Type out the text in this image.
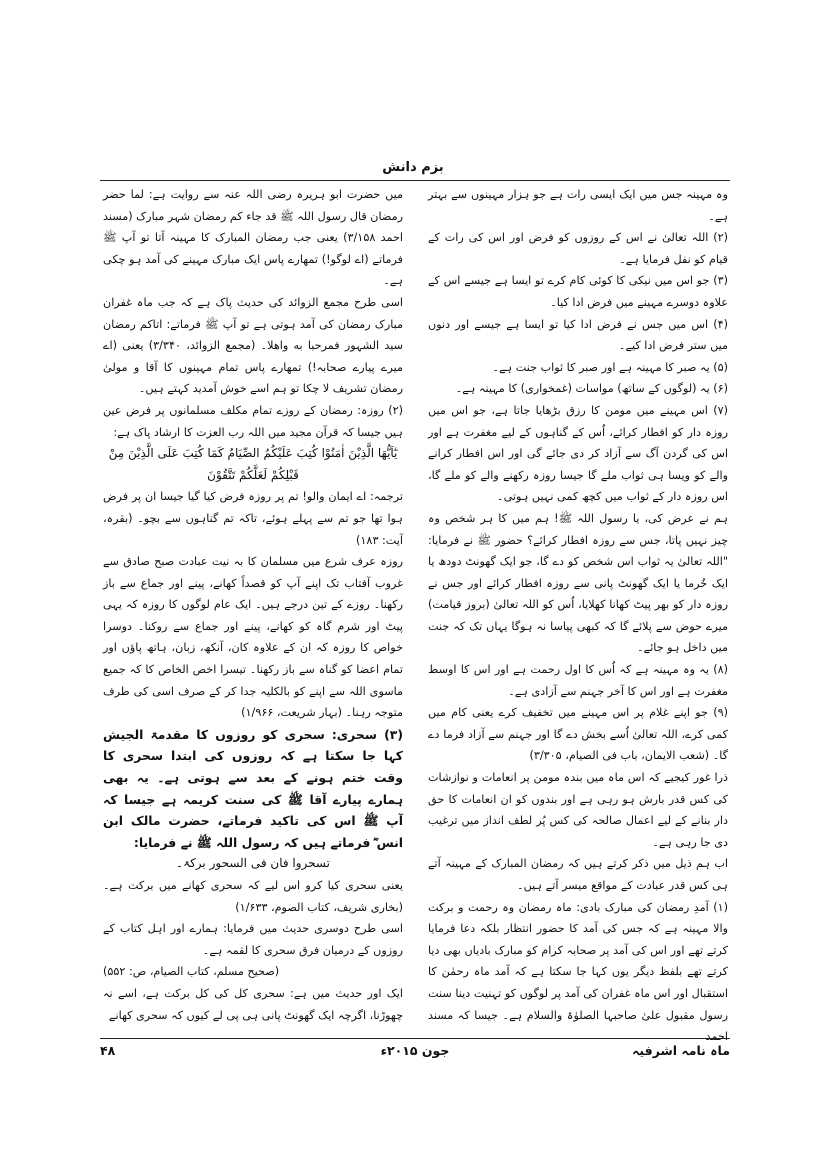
بزم دانش

وہ مہینہ جس میں ایک ایسی رات ہے جو ہزار مہینوں سے بہتر ہے۔

(۲) اللہ تعالیٰ نے اس کے روزوں کو فرض اور اس کی رات کے قیام کو نفل فرمایا ہے۔

(۳) جو اس میں نیکی کا کوئی کام کرے تو ایسا ہے جیسے اس کے علاوہ دوسرے مہینے میں فرض ادا کیا۔

(۴) اس میں جس نے فرض ادا کیا تو ایسا ہے جیسے اور دنوں میں ستر فرض ادا کیے۔

(۵) یہ صبر کا مہینہ ہے اور صبر کا ثواب جنت ہے۔

(۶) یہ (لوگوں کے ساتھ) مواسات (غمخواری) کا مہینہ ہے۔

(۷) اس مہینے میں مومن کا رزق بڑھایا جاتا ہے، جو اس میں روزہ دار کو افطار کرائے، اُس کے گناہوں کے لیے مغفرت ہے اور اس کی گردن آگ سے آزاد کر دی جائے گی اور اس افطار کرانے والے کو ویسا ہی ثواب ملے گا جیسا روزہ رکھنے والے کو ملے گا، اس روزہ دار کے ثواب میں کچھ کمی نہیں ہوتی۔

ہم نے عرض کی، یا رسول اللہ ﷺ! ہم میں کا ہر شخص وہ چیز نہیں پاتا، جس سے روزہ افطار کرائے؟ حضور ﷺ نے فرمایا: "اللہ تعالیٰ یہ ثواب اس شخص کو دے گا، جو ایک گھونٹ دودھ یا ایک خُرما یا ایک گھونٹ پانی سے روزہ افطار کرائے اور جس نے روزہ دار کو بھر پیٹ کھانا کھلایا، اُس کو اللہ تعالیٰ (بروز قیامت) میرے حوض سے پلائے گا کہ کبھی پیاسا نہ ہوگا یہاں تک کہ جنت میں داخل ہو جائے۔

(۸) یہ وہ مہینہ ہے کہ اُس کا اول رحمت ہے اور اس کا اوسط مغفرت ہے اور اس کا آخر جہنم سے آزادی ہے۔

(۹) جو اپنے غلام پر اس مہینے میں تخفیف کرے یعنی کام میں کمی کرے، اللہ تعالیٰ اُسے بخش دے گا اور جہنم سے آزاد فرما دے گا۔ (شعب الایمان، باب فی الصیام، ۳/۳۰۵)

ذرا غور کیجیے کہ اس ماہ میں بندہ مومن پر انعامات و نوازشات کی کس قدر بارش ہو رہی ہے اور بندوں کو ان انعامات کا حق دار بنانے کے لیے اعمال صالحہ کی کس پُر لطف انداز میں ترغیب دی جا رہی ہے۔

اب ہم ذیل میں ذکر کرتے ہیں کہ رمضان المبارک کے مہینہ آتے ہی کس قدر عبادت کے مواقع میسر آتے ہیں۔

(۱) آمدِ رمضان کی مبارک بادی: ماہ رمضان وہ رحمت و برکت والا مہینہ ہے کہ جس کی آمد کا حضور انتظار بلکہ دعا فرمایا کرتے تھے اور اس کی آمد پر صحابہ کرام کو مبارک بادیاں بھی دیا کرتے تھے بلفظ دیگر یوں کہا جا سکتا ہے کہ آمد ماہ رحمٰن کا استقبال اور اس ماہ غفران کی آمد پر لوگوں کو تہنیت دینا سنت رسول مقبول علیٰ صاحبہا الصلوٰۃ والسلام ہے۔ جیسا کہ مسند احمد

میں حضرت ابو ہریرہ رضی اللہ عنہ سے روایت ہے: لما حضر رمضان قال رسول اللہ ﷺ قد جاء کم رمضان شہر مبارک (مسند احمد ۳/۱۵۸) یعنی جب رمضان المبارک کا مہینہ آتا تو آپ ﷺ فرماتے (اے لوگو!) تمھارے پاس ایک مبارک مہینے کی آمد ہو چکی ہے۔

اسی طرح مجمع الزوائد کی حدیث پاک ہے کہ جب ماہ غفران مبارک رمضان کی آمد ہوتی ہے تو آپ ﷺ فرماتے: اتاکم رمضان سید الشہور فمرحبا به واھلا۔ (مجمع الزوائد، ۳/۳۴۰) یعنی (اے میرے پیارے صحابہ!) تمھارے پاس تمام مہینوں کا آقا و مولیٰ رمضان تشریف لا چکا تو ہم اسے خوش آمدید کہتے ہیں۔

(۲) روزہ: رمضان کے روزے تمام مکلف مسلمانوں پر فرض عین ہیں جیسا کہ قرآن مجید میں اللہ رب العزت کا ارشاد پاک ہے:

یٰٓاَیُّهَا الَّذِیْنَ اٰمَنُوْا كُتِبَ عَلَیْكُمُ الصِّیَامُ كَمَا كُتِبَ عَلَى الَّذِیْنَ مِنْ قَبْلِكُمْ لَعَلَّكُمْ تَتَّقُوْنَ

ترجمہ: اے ایمان والو! تم پر روزہ فرض کیا گیا جیسا ان پر فرض ہوا تھا جو تم سے پہلے ہوئے، تاکہ تم گناہوں سے بچو۔ (بقرہ، آیت: ۱۸۳)

روزہ عرف شرع میں مسلمان کا بہ نیت عبادت صبح صادق سے غروب آفتاب تک اپنے آپ کو قصداً کھانے، پینے اور جماع سے باز رکھنا۔ روزے کے تین درجے ہیں۔ ایک عام لوگوں کا روزہ کہ یہی پیٹ اور شرم گاہ کو کھانے، پینے اور جماع سے روکنا۔ دوسرا خواص کا روزہ کہ ان کے علاوہ کان، آنکھ، زبان، ہاتھ پاؤں اور تمام اعضا کو گناہ سے باز رکھنا۔ تیسرا اخص الخاص کا کہ جمیع ماسوی اللہ سے اپنے کو بالکلیہ جدا کر کے صرف اسی کی طرف متوجہ رہنا۔ (بہار شریعت، ۱/۹۶۶)

(۳) سحری: سحری کو روزوں کا مقدمۃ الجیش کہا جا سکتا ہے کہ روزوں کی ابتدا سحری کا وقت ختم ہونے کے بعد سے ہوتی ہے۔ یہ بھی ہمارے پیارے آقا ﷺ کی سنت کریمہ ہے جیسا کہ آپ ﷺ اس کی تاکید فرماتے، حضرت مالک ابن انس ؓ فرماتے ہیں کہ رسول اللہ ﷺ نے فرمایا:

تسحروا فان فی السحور برکۃ۔

یعنی سحری کیا کرو اس لیے کہ سحری کھانے میں برکت ہے۔ (بخاری شریف، کتاب الصوم، ۱/۶۳۳)

اسی طرح دوسری حدیث میں فرمایا: ہمارے اور اہل کتاب کے روزوں کے درمیان فرق سحری کا لقمہ ہے۔

(صحیح مسلم، کتاب الصیام، ص: ۵۵۲)

ایک اور حدیث میں ہے: سحری کل کی کل برکت ہے، اسے نہ چھوڑنا، اگرچہ ایک گھونٹ پانی ہی پی لے کیوں کہ سحری کھانے

ماہ نامہ اشرفیہ
جون ۲۰۱۵ء
۴۸
